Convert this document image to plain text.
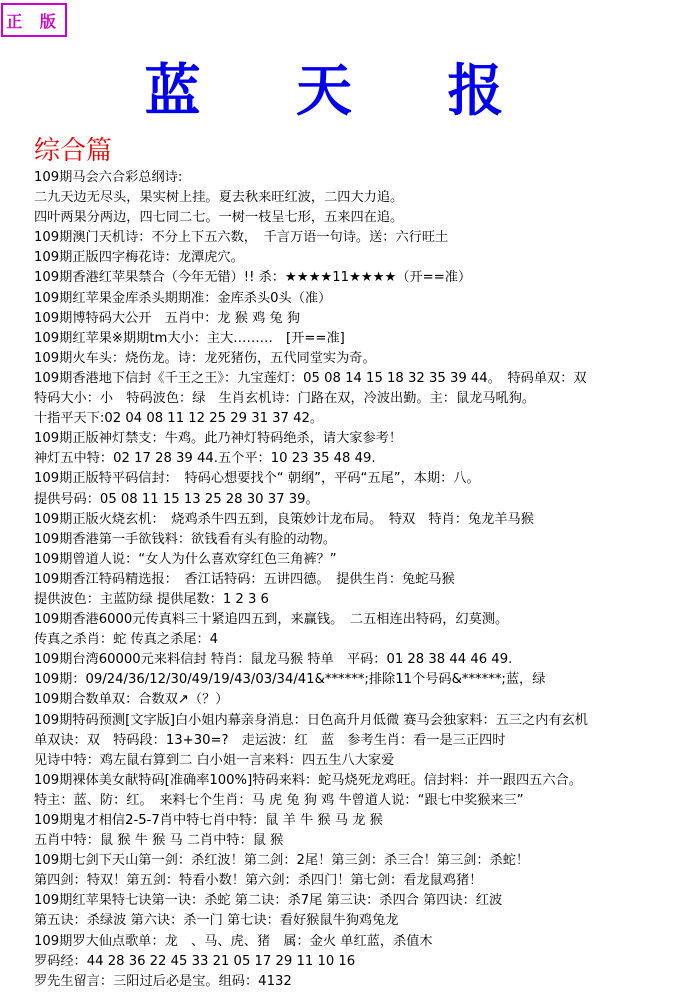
正 版
蓝 天 报
综合篇
109期马会六合彩总纲诗:
二九天边无尽头，果实树上挂。夏去秋来旺红波，二四大力追。
四叶两果分两边，四七同二七。一树一枝呈七形，五来四在追。
109期澳门天机诗：不分上下五六数，　千言万语一句诗。送：六行旺土
109期正版四字梅花诗：龙潭虎穴。
109期香港红苹果禁合（今年无错）!! 杀：★★★★11★★★★（开==准）
109期红苹果金库杀头期期准：金库杀头0头（准）
109期博特码大公开　五肖中：龙 猴 鸡 兔 狗
109期红苹果※期期tm大小：主大………　[开==准]
109期火车头：烧伤龙。诗：龙死猪伤，五代同堂实为奇。
109期香港地下信封《千王之王》：九宝莲灯：05 08 14 15 18 32 35 39 44。　特码单双：双
特码大小：小　特码波色：绿　生肖玄机诗：门路在双，冷波出勤。主：鼠龙马吼狗。
十指平天下:02 04 08 11 12 25 29 31 37 42。
109期正版神灯禁支：牛鸡。此乃神灯特码绝杀，请大家参考！
神灯五中特：02 17 28 39 44.五个平：10 23 35 48 49.
109期正版特平码信封：　特码心想要找个“ 朝纲”，平码“五尾”，本期：八。
提供号码：05 08 11 15 13 25 28 30 37 39。
109期正版火烧玄机：　烧鸡杀牛四五到，良策妙计龙布局。　特双　特肖：兔龙羊马猴
109期香港第一手欲钱料：欲钱看有头有脸的动物。
109期曾道人说：“女人为什么喜欢穿红色三角裤？”
109期香江特码精选报：　香江话特码：五讲四德。　提供生肖：兔蛇马猴
提供波色：主蓝防绿 提供尾数：1 2 3 6
109期香港6000元传真料三十紧追四五到，来赢钱。　二五相连出特码，幻莫测。
传真之杀肖：蛇 传真之杀尾：4
109期台湾60000元来料信封 特肖：鼠龙马猴 特单　平码：01 28 38 44 46 49.
109期：09/24/36/12/30/49/19/43/03/34/41&******;排除11个号码&******;蓝，绿
109期合数单双：合数双↗（？）
109期特码预测[文字版]白小姐内幕亲身消息：日色高升月低微 赛马会独家料：五三之内有玄机
单双诀：双　特码段：13+30=?　走运波：红　蓝　参考生肖：看一是三正四时
见诗中特：鸡左鼠右算到二 白小姐一言来料：四五生八大家爱
109期裸体美女献特码[准确率100%]特码来料：蛇马烧死龙鸡旺。信封料：并一跟四五六合。
特主：蓝、防：红。　来料七个生肖：马 虎 兔 狗 鸡 牛曾道人说：“跟七中奖猴来三”
109期鬼才相信2-5-7肖中特七肖中特：鼠 羊 牛 猴 马 龙 猴
五肖中特：鼠 猴 牛 猴 马 二肖中特：鼠 猴
109期七剑下天山第一剑：杀红波！第二剑：2尾！第三剑：杀三合！第三剑：杀蛇！
第四剑：特双！第五剑：特看小数！第六剑：杀四门！第七剑：看龙鼠鸡猪！
109期红苹果特七诀第一诀：杀蛇 第二诀：杀7尾 第三诀：杀四合 第四诀：红波
第五诀：杀绿波 第六诀：杀一门 第七诀：看好猴鼠牛狗鸡兔龙
109期罗大仙点歌单：龙　、马、虎、猪　属：金火 单红蓝，杀值木
罗码经：44 28 36 22 45 33 21 05 17 29 11 10 16
罗先生留言：三阳过后必是宝。组码：4132
